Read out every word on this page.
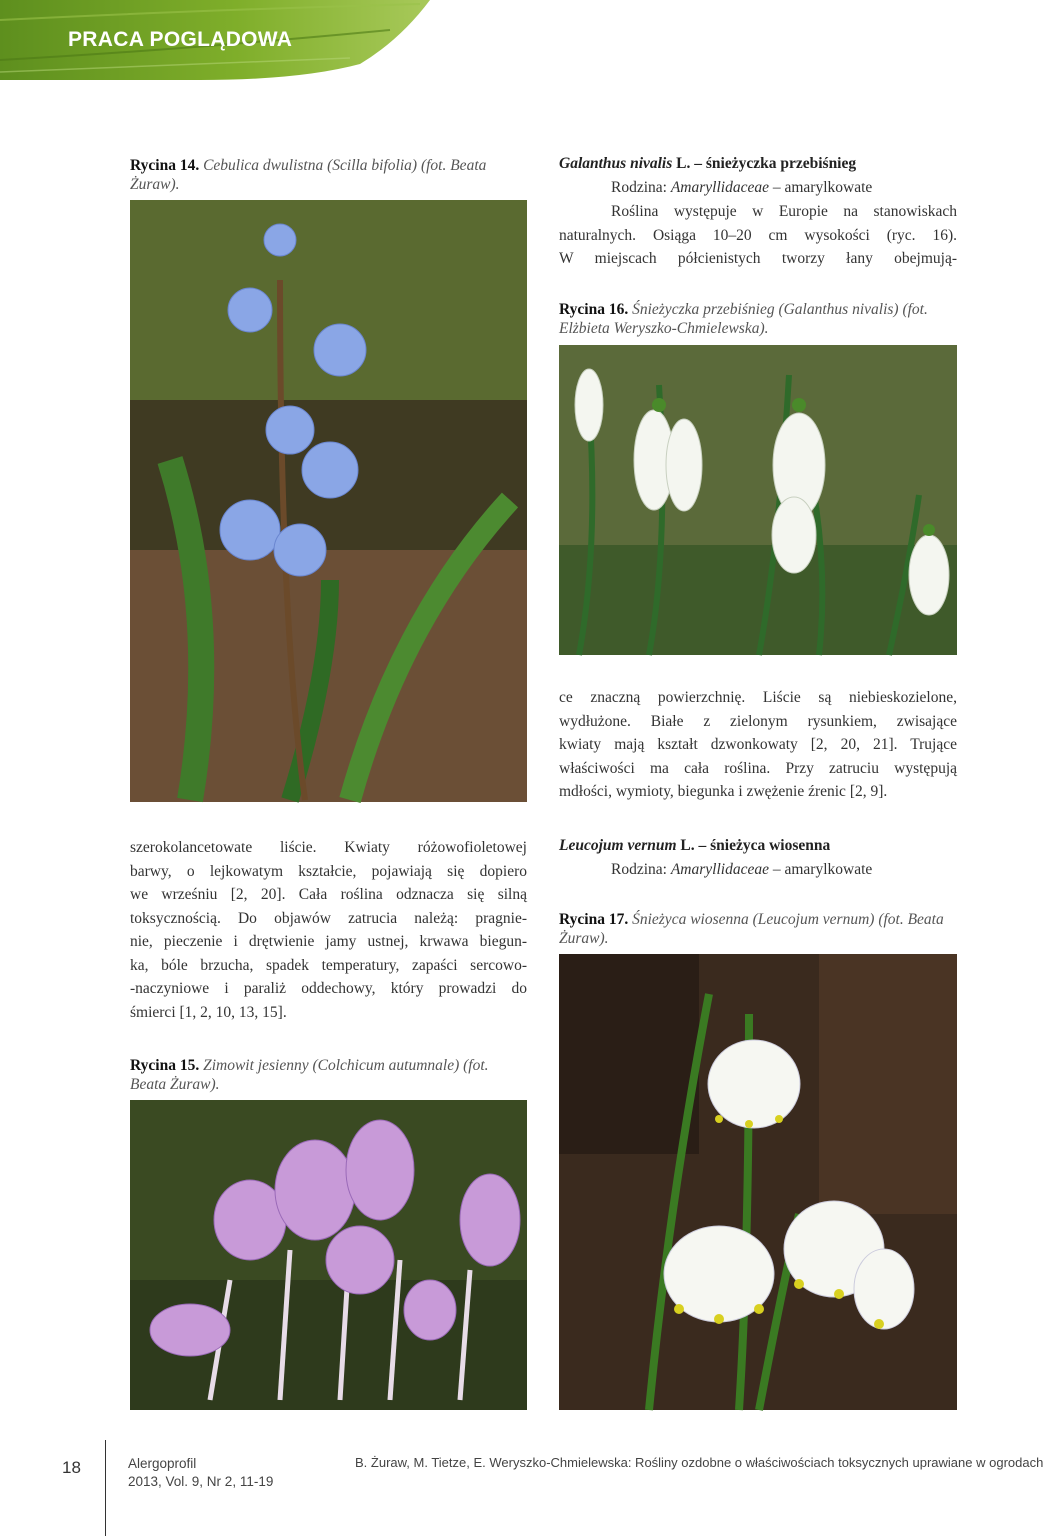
PRACA POGLĄDOWA
Rycina 14. Cebulica dwulistna (Scilla bifolia) (fot. Beata Żuraw).
szerokolancetowate liście. Kwiaty różowofioletowej
barwy, o lejkowatym kształcie, pojawiają się dopiero
we wrześniu [2, 20]. Cała roślina odznacza się silną
toksycznością. Do objawów zatrucia należą: pragnie-
nie, pieczenie i drętwienie jamy ustnej, krwawa biegun-
ka, bóle brzucha, spadek temperatury, zapaści sercowo-
-naczyniowe i paraliż oddechowy, który prowadzi do
śmierci [1, 2, 10, 13, 15].
Rycina 15. Zimowit jesienny (Colchicum autumnale) (fot. Beata Żuraw).
Galanthus nivalis L. – śnieżyczka przebiśnieg
Rodzina: Amaryllidaceae – amarylkowate
Roślina występuje w Europie na stanowiskach
naturalnych. Osiąga 10–20 cm wysokości (ryc. 16).
W miejscach półcienistych tworzy łany obejmują-
Rycina 16. Śnieżyczka przebiśnieg (Galanthus nivalis) (fot. Elżbieta Weryszko-Chmielewska).
ce znaczną powierzchnię. Liście są niebieskozielone,
wydłużone. Białe z zielonym rysunkiem, zwisające
kwiaty mają kształt dzwonkowaty [2, 20, 21]. Trujące
właściwości ma cała roślina. Przy zatruciu występują
mdłości, wymioty, biegunka i zwężenie źrenic [2, 9].
Leucojum vernum L. – śnieżyca wiosenna
Rodzina: Amaryllidaceae – amarylkowate
Rycina 17. Śnieżyca wiosenna (Leucojum vernum) (fot. Beata Żuraw).
18	Alergoprofil
2013, Vol. 9, Nr 2, 11-19
B. Żuraw, M. Tietze, E. Weryszko-Chmielewska: Rośliny ozdobne o właściwościach toksycznych uprawiane w ogrodach
